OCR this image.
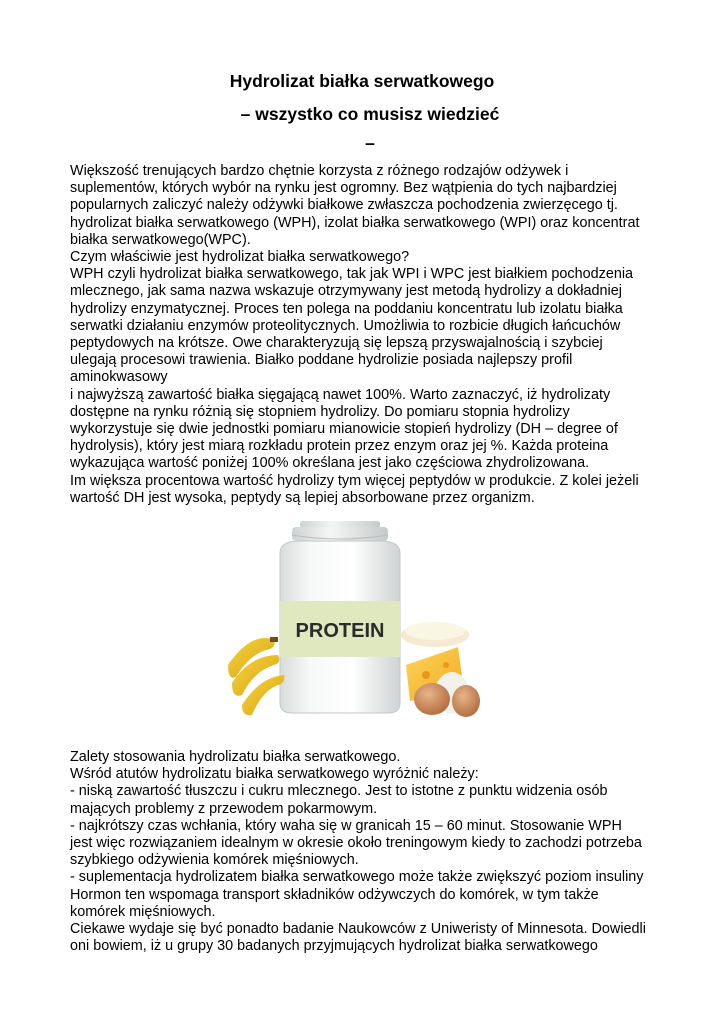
Hydrolizat białka serwatkowego
– wszystko co musisz wiedzieć
–

Większość trenujących bardzo chętnie korzysta z różnego rodzajów odżywek i

suplementów, których wybór na rynku jest ogromny. Bez wątpienia do tych najbardziej

popularnych zaliczyć należy odżywki białkowe zwłaszcza pochodzenia zwierzęcego tj.

hydrolizat białka serwatkowego (WPH), izolat białka serwatkowego (WPI) oraz koncentrat

białka serwatkowego(WPC).

Czym właściwie jest hydrolizat białka serwatkowego?

WPH czyli hydrolizat białka serwatkowego, tak jak WPI i WPC jest białkiem pochodzenia

mlecznego, jak sama nazwa wskazuje otrzymywany jest metodą hydrolizy a dokładniej

hydrolizy enzymatycznej. Proces ten polega na poddaniu koncentratu lub izolatu białka

serwatki działaniu enzymów proteolitycznych. Umożliwia to rozbicie długich łańcuchów

peptydowych na krótsze. Owe charakteryzują się lepszą przyswajalnością i szybciej

ulegają procesowi trawienia. Białko poddane hydrolizie posiada najlepszy profil

aminokwasowy

i najwyższą zawartość białka sięgającą nawet 100%. Warto zaznaczyć, iż hydrolizaty

dostępne na rynku różnią się stopniem hydrolizy. Do pomiaru stopnia hydrolizy

wykorzystuje się dwie jednostki pomiaru mianowicie stopień hydrolizy (DH – degree of

hydrolysis), który jest miarą rozkładu protein przez enzym oraz jej %. Każda proteina

wykazująca wartość poniżej 100% określana jest jako częściowa zhydrolizowana.

Im większa procentowa wartość hydrolizy tym więcej peptydów w produkcie. Z kolei jeżeli

wartość DH jest wysoka, peptydy są lepiej absorbowane przez organizm.

PROTEIN

Zalety stosowania hydrolizatu białka serwatkowego.

Wśród atutów hydrolizatu białka serwatkowego wyróżnić należy:

- niską zawartość tłuszczu i cukru mlecznego. Jest to istotne z punktu widzenia osób

mających problemy z przewodem pokarmowym.

- najkrótszy czas wchłania, który waha się w granicah 15 – 60 minut. Stosowanie WPH

jest więc rozwiązaniem idealnym w okresie około treningowym kiedy to zachodzi potrzeba

szybkiego odżywienia komórek mięśniowych.

- suplementacja hydrolizatem białka serwatkowego może także zwiększyć poziom insuliny

Hormon ten wspomaga transport składników odżywczych do komórek, w tym także

komórek mięśniowych.

Ciekawe wydaje się być ponadto badanie Naukowców z Uniweristy of Minnesota. Dowiedli

oni bowiem, iż u grupy 30 badanych przyjmujących hydrolizat białka serwatkowego
